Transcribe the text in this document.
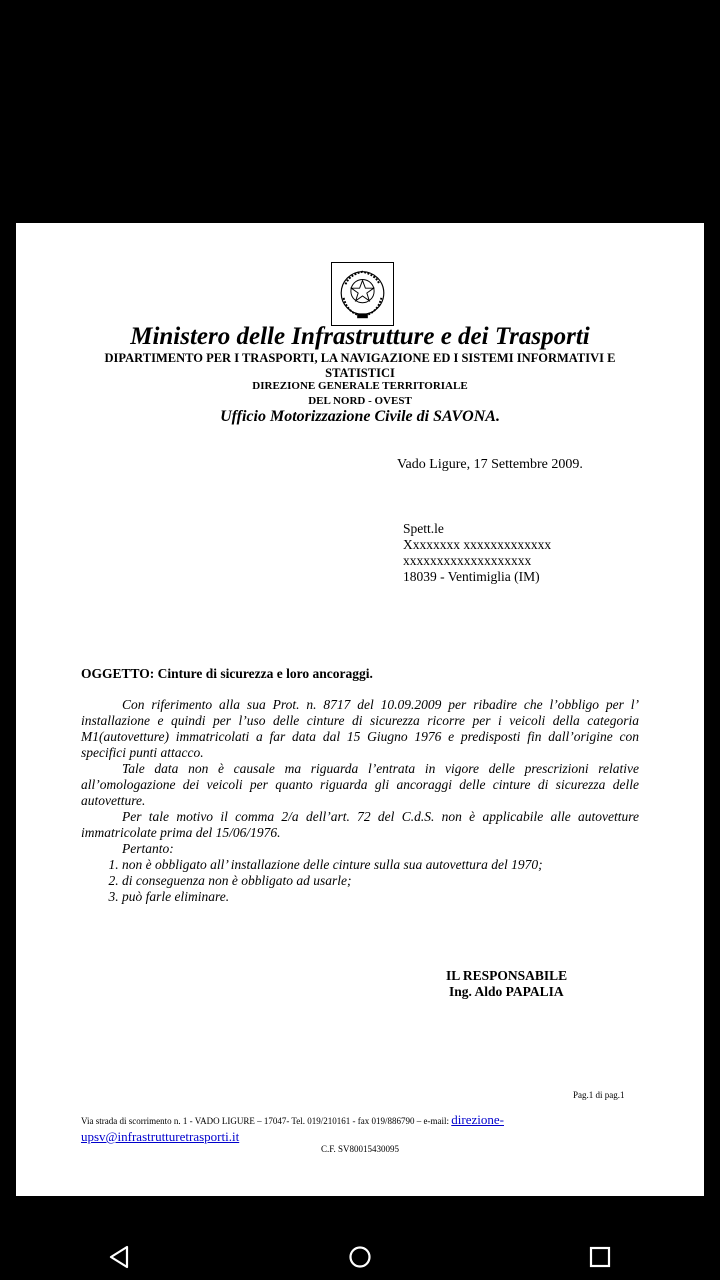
Ministero delle Infrastrutture e dei Trasporti
DIPARTIMENTO PER I TRASPORTI, LA NAVIGAZIONE ED I SISTEMI INFORMATIVI E STATISTICI
DIREZIONE GENERALE TERRITORIALE
DEL NORD - OVEST
Ufficio Motorizzazione Civile di SAVONA.
Vado Ligure, 17 Settembre 2009.
Spett.le
Xxxxxxxx xxxxxxxxxxxxx
xxxxxxxxxxxxxxxxxxx
18039 - Ventimiglia (IM)
OGGETTO: Cinture di sicurezza e loro ancoraggi.

Con riferimento alla sua Prot. n. 8717 del 10.09.2009 per ribadire che l’obbligo per l’ installazione e quindi per l’uso delle cinture di sicurezza ricorre per i veicoli della categoria M1(autovetture) immatricolati a far data dal 15 Giugno 1976 e predisposti fin dall’origine con specifici punti attacco.

Tale data non è causale ma riguarda l’entrata in vigore delle prescrizioni relative all’omologazione dei veicoli per quanto riguarda gli ancoraggi delle cinture di sicurezza delle autovetture.

Per tale motivo il comma 2/a dell’art. 72 del C.d.S. non è applicabile alle autovetture immatricolate prima del 15/06/1976.

Pertanto:

1. non è obbligato all’ installazione delle cinture sulla sua autovettura del 1970;
2. di conseguenza non è obbligato ad usarle;
3. può farle eliminare.
IL RESPONSABILE
Ing. Aldo PAPALIA
Pag.1 di pag.1
Via strada di scorrimento n. 1 - VADO LIGURE – 17047- Tel. 019/210161 - fax 019/886790 – e-mail: direzione-
upsv@infrastrutturetrasporti.it
C.F. SV80015430095
